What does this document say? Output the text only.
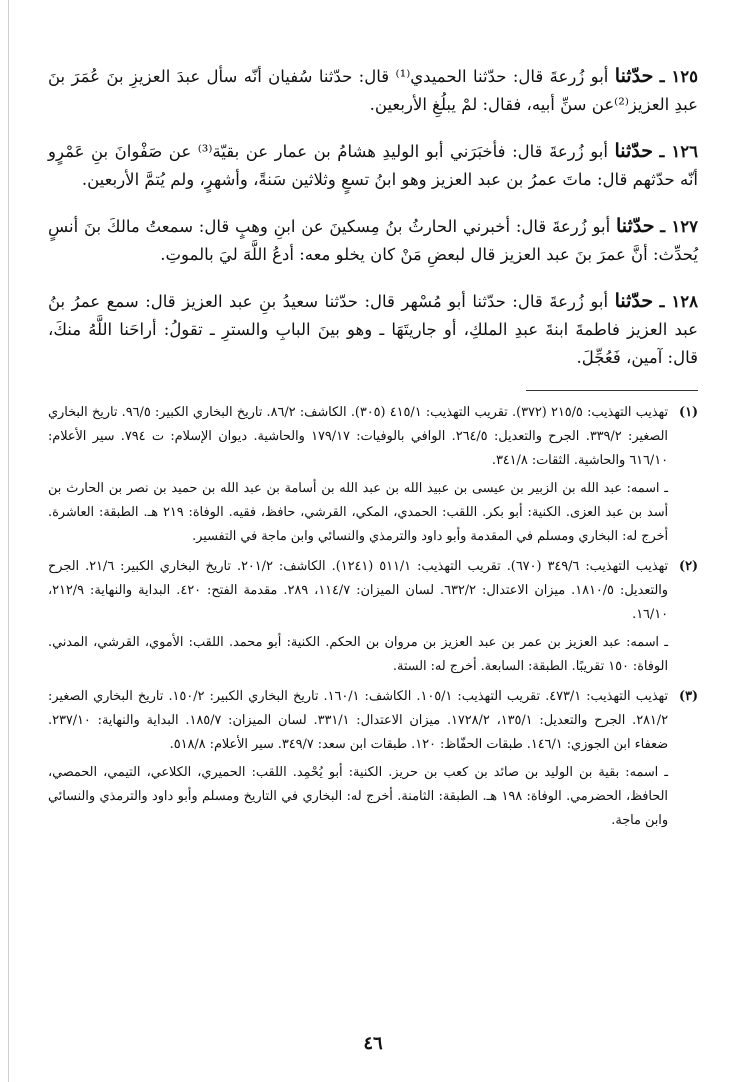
١٢٥ ـ حدّثنا أبو زُرعةَ قال: حدّثنا الحميدي⁽¹⁾ قال: حدّثنا سُفيان أنّه سأل عبدَ العزيزِ بنَ عُمَرَ بنَ عبدِ العزيز⁽²⁾عن سنِّ أبيه، فقال: لمْ يبلُغِ الأربعين.

١٢٦ ـ حدّثنا أبو زُرعةَ قال: فأخبَرَني أبو الوليدِ هشامُ بن عمار عن بقيّة⁽³⁾ عن صَفْوانَ بنِ عَمْرٍو أنّه حدّثهم قال: ماتَ عمرُ بن عبد العزيز وهو ابنُ تسعٍ وثلاثين سَنةً، وأشهرٍ، ولم يُتمَّ الأربعين.

١٢٧ ـ حدّثنا أبو زُرعةَ قال: أخبرني الحارثُ بنُ مِسكينَ عن ابنِ وهبٍ قال: سمعتُ مالكَ بنَ أنسٍ يُحدِّث: أنَّ عمرَ بنَ عبد العزيز قال لبعضِ مَنْ كان يخلو معه: أدعُ اللَّهَ ليَ بالموتِ.

١٢٨ ـ حدّثنا أبو زُرعةَ قال: حدّثنا أبو مُسْهر قال: حدّثنا سعيدُ بنِ عبد العزيز قال: سمع عمرُ بنُ عبد العزيز فاطمةَ ابنةَ عبدِ الملكِ، أو جاريتَهَا ـ وهو بينَ البابِ والسترِ ـ تقولُ: أراحَنا اللَّهُ منكَ، قال: آمين، فَعُجِّلَ.

(١)
تهذيب التهذيب: ٢١٥/٥ (٣٧٢). تقريب التهذيب: ٤١٥/١ (٣٠٥). الكاشف: ٨٦/٢. تاريخ البخاري الكبير: ٩٦/٥. تاريخ البخاري الصغير: ٣٣٩/٢. الجرح والتعديل: ٢٦٤/٥. الوافي بالوفيات: ١٧٩/١٧ والحاشية. ديوان الإسلام: ت ٧٩٤. سير الأعلام: ٦١٦/١٠ والحاشية. الثقات: ٣٤١/٨.
ـ اسمه: عبد الله بن الزبير بن عيسى بن عبيد الله بن عبد الله بن أسامة بن عبد الله بن حميد بن نصر بن الحارث بن أسد بن عبد العزى. الكنية: أبو بكر. اللقب: الحمدي، المكي، القرشي، حافظ، فقيه. الوفاة: ٢١٩ هـ. الطبقة: العاشرة. أخرج له: البخاري ومسلم في المقدمة وأبو داود والترمذي والنسائي وابن ماجة في التفسير.
(٢)
تهذيب التهذيب: ٣٤٩/٦ (٦٧٠). تقريب التهذيب: ٥١١/١ (١٢٤١). الكاشف: ٢٠١/٢. تاريخ البخاري الكبير: ٢١/٦. الجرح والتعديل: ١٨١٠/٥. ميزان الاعتدال: ٦٣٢/٢. لسان الميزان: ١١٤/٧، ٢٨٩. مقدمة الفتح: ٤٢٠. البداية والنهاية: ٢١٢/٩، ١٦/١٠.
ـ اسمه: عبد العزيز بن عمر بن عبد العزيز بن مروان بن الحكم. الكنية: أبو محمد. اللقب: الأموي، القرشي، المدني. الوفاة: ١٥٠ تقريبًا. الطبقة: السابعة. أخرج له: الستة.
(٣)
تهذيب التهذيب: ٤٧٣/١. تقريب التهذيب: ١٠٥/١. الكاشف: ١٦٠/١. تاريخ البخاري الكبير: ١٥٠/٢. تاريخ البخاري الصغير: ٢٨١/٢. الجرح والتعديل: ١٣٥/١، ١٧٢٨/٢. ميزان الاعتدال: ٣٣١/١. لسان الميزان: ١٨٥/٧. البداية والنهاية: ٢٣٧/١٠. ضعفاء ابن الجوزي: ١٤٦/١. طبقات الحفّاظ: ١٢٠. طبقات ابن سعد: ٣٤٩/٧. سير الأعلام: ٥١٨/٨.
ـ اسمه: بقية بن الوليد بن صائد بن كعب بن حريز. الكنية: أبو يُحْمِد. اللقب: الحميري، الكلاعي، التيمي، الحمصي، الحافظ، الحضرمي. الوفاة: ١٩٨ هـ. الطبقة: الثامنة. أخرج له: البخاري في التاريخ ومسلم وأبو داود والترمذي والنسائي وابن ماجة.
٤٦
